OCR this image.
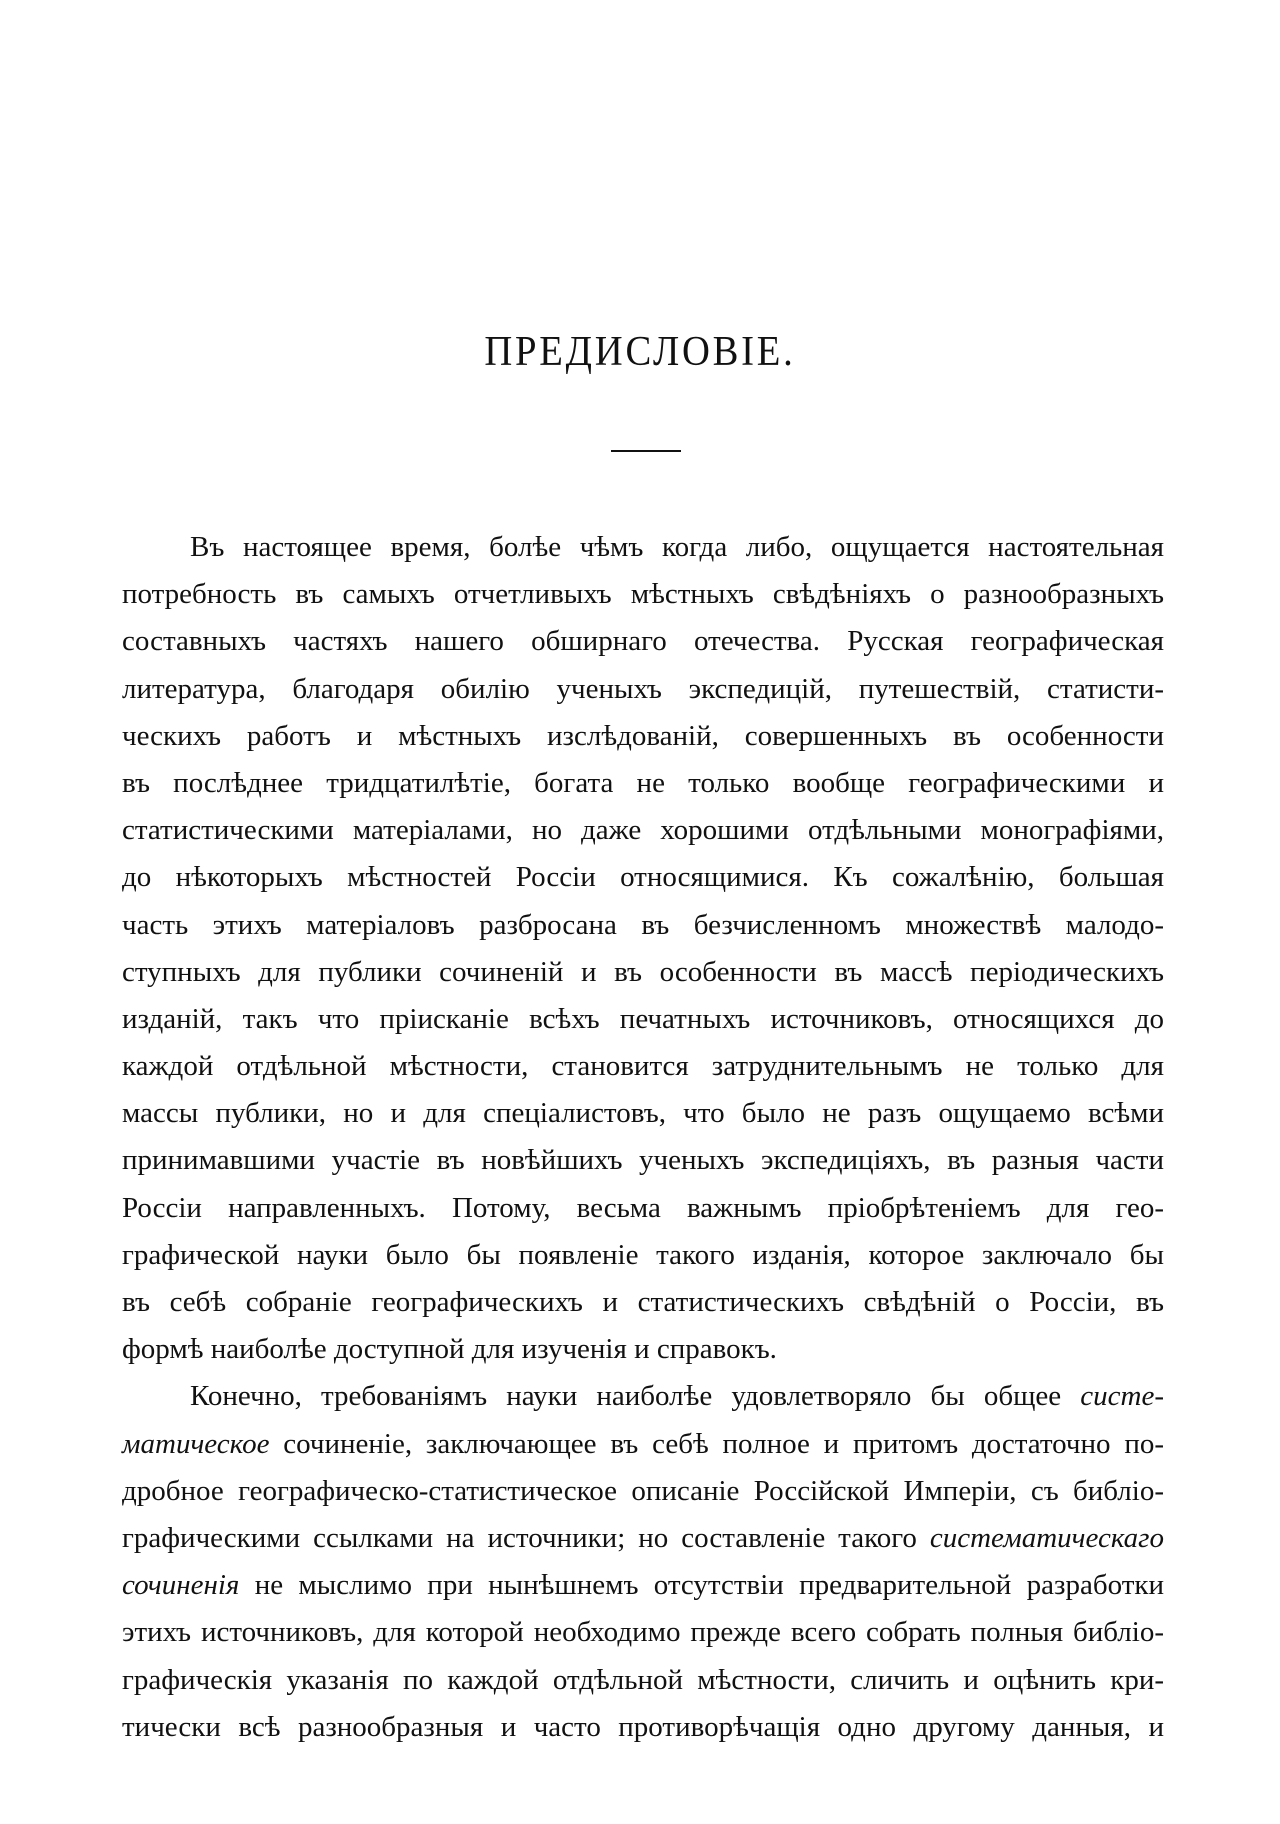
ПРЕДИСЛОВІЕ.
Въ настоящее время, болѣе чѣмъ когда либо, ощущается настоятельная
потребность въ самыхъ отчетливыхъ мѣстныхъ свѣдѣніяхъ о разнообразныхъ
составныхъ частяхъ нашего обширнаго отечества. Русская географическая
литература, благодаря обилію ученыхъ экспедицій, путешествій, статисти-
ческихъ работъ и мѣстныхъ изслѣдованій, совершенныхъ въ особенности
въ послѣднее тридцатилѣтіе, богата не только вообще географическими и
статистическими матеріалами, но даже хорошими отдѣльными монографіями,
до нѣкоторыхъ мѣстностей Россіи относящимися. Къ сожалѣнію, большая
часть этихъ матеріаловъ разбросана въ безчисленномъ множествѣ малодо-
ступныхъ для публики сочиненій и въ особенности въ массѣ періодическихъ
изданій, такъ что пріисканіе всѣхъ печатныхъ источниковъ, относящихся до
каждой отдѣльной мѣстности, становится затруднительнымъ не только для
массы публики, но и для спеціалистовъ, что было не разъ ощущаемо всѣми
принимавшими участіе въ новѣйшихъ ученыхъ экспедиціяхъ, въ разныя части
Россіи направленныхъ. Потому, весьма важнымъ пріобрѣтеніемъ для гео-
графической науки было бы появленіе такого изданія, которое заключало бы
въ себѣ собраніе географическихъ и статистическихъ свѣдѣній о Россіи, въ
формѣ наиболѣе доступной для изученія и справокъ.
Конечно, требованіямъ науки наиболѣе удовлетворяло бы общее систе-
матическое сочиненіе, заключающее въ себѣ полное и притомъ достаточно по-
дробное географическо-статистическое описаніе Россійской Имперіи, съ библіо-
графическими ссылками на источники; но составленіе такого систематическаго
сочиненія не мыслимо при нынѣшнемъ отсутствіи предварительной разработки
этихъ источниковъ, для которой необходимо прежде всего собрать полныя библіо-
графическія указанія по каждой отдѣльной мѣстности, сличить и оцѣнить кри-
тически всѣ разнообразныя и часто противорѣчащія одно другому данныя, и
